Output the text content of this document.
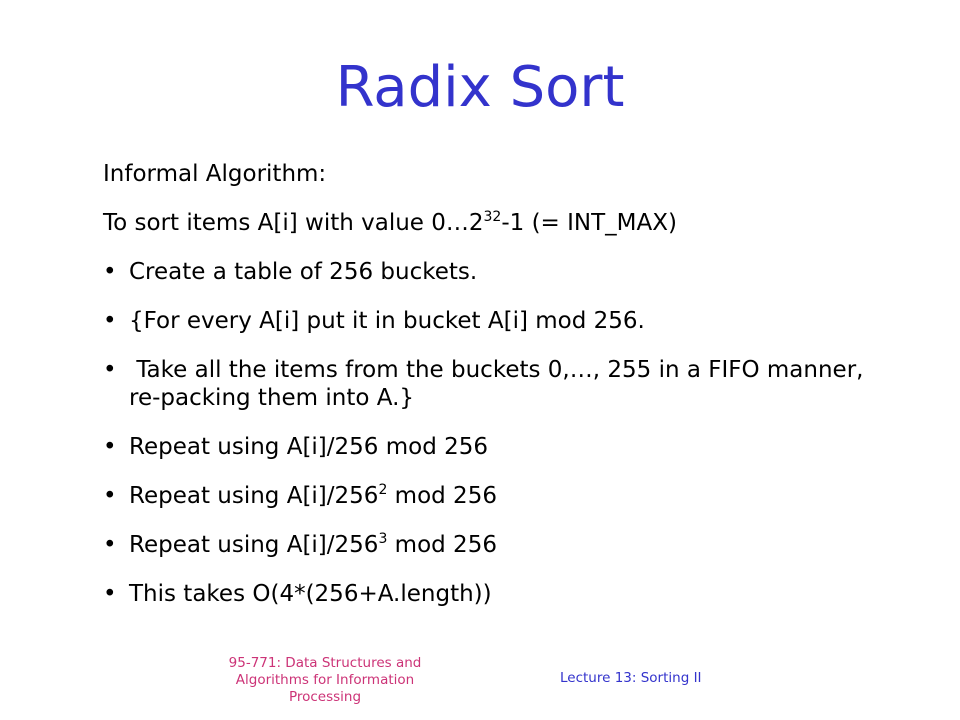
Radix Sort
Informal Algorithm:
To sort items A[i] with value $0\dots 2^{32}-1$ (= INT_MAX)
• Create a table of 256 buckets.
• {For every A[i] put it in bucket A[i] mod 256.
• Take all the items from the buckets 0,…, 255 in a FIFO manner, re-packing them into A.}
• Repeat using A[i]/256 mod 256
• Repeat using $A[i]/256^2$ mod 256
• Repeat using $A[i]/256^3$ mod 256
• This takes O(4*(256+A.length))
95-771: Data Structures and Algorithms for Information Processing
Lecture 13: Sorting II
